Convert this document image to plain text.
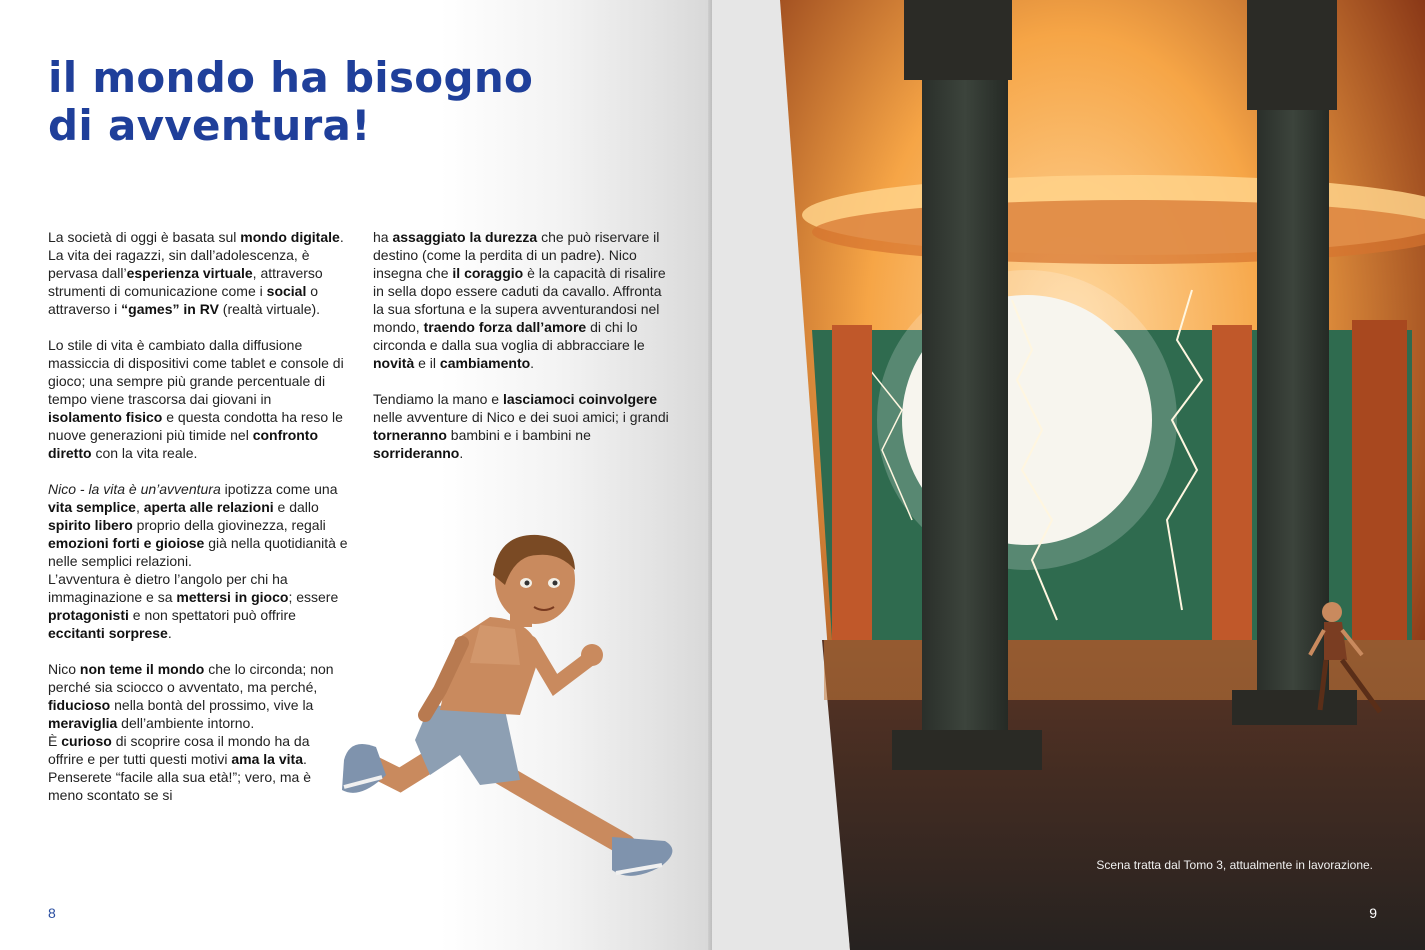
il mondo ha bisogno
di avventura!

La società di oggi è basata sul mondo digitale. La vita dei ragazzi, sin dall’adolescenza, è pervasa dall’esperienza virtuale, attraverso strumenti di comunicazione come i social o attraverso i “games” in RV (realtà virtuale).

Lo stile di vita è cambiato dalla diffusione massiccia di dispositivi come tablet e console di gioco; una sempre più grande percentuale di tempo viene trascorsa dai giovani in isolamento fisico e questa condotta ha reso le nuove generazioni più timide nel confronto diretto con la vita reale.

Nico - la vita è un’avventura ipotizza come una vita semplice, aperta alle relazioni e dallo spirito libero proprio della giovinezza, regali emozioni forti e gioiose già nella quotidianità e nelle semplici relazioni.
L’avventura è dietro l’angolo per chi ha immaginazione e sa mettersi in gioco; essere protagonisti e non spettatori può offrire eccitanti sorprese.

Nico non teme il mondo che lo circonda; non perché sia sciocco o avventato, ma perché, fiducioso nella bontà del prossimo, vive la meraviglia dell’ambiente intorno.
È curioso di scoprire cosa il mondo ha da offrire e per tutti questi motivi ama la vita. Penserete “facile alla sua età!”; vero, ma è meno scontato se si

ha assaggiato la durezza che può riservare il destino (come la perdita di un padre). Nico insegna che il coraggio è la capacità di risalire in sella dopo essere caduti da cavallo. Affronta la sua sfortuna e la supera avventurandosi nel mondo, traendo forza dall’amore di chi lo circonda e dalla sua voglia di abbracciare le novità e il cambiamento.

Tendiamo la mano e lasciamoci coinvolgere nelle avventure di Nico e dei suoi amici; i grandi torneranno bambini e i bambini ne sorrideranno.

8
Scena tratta dal Tomo 3, attualmente in lavorazione.
9
